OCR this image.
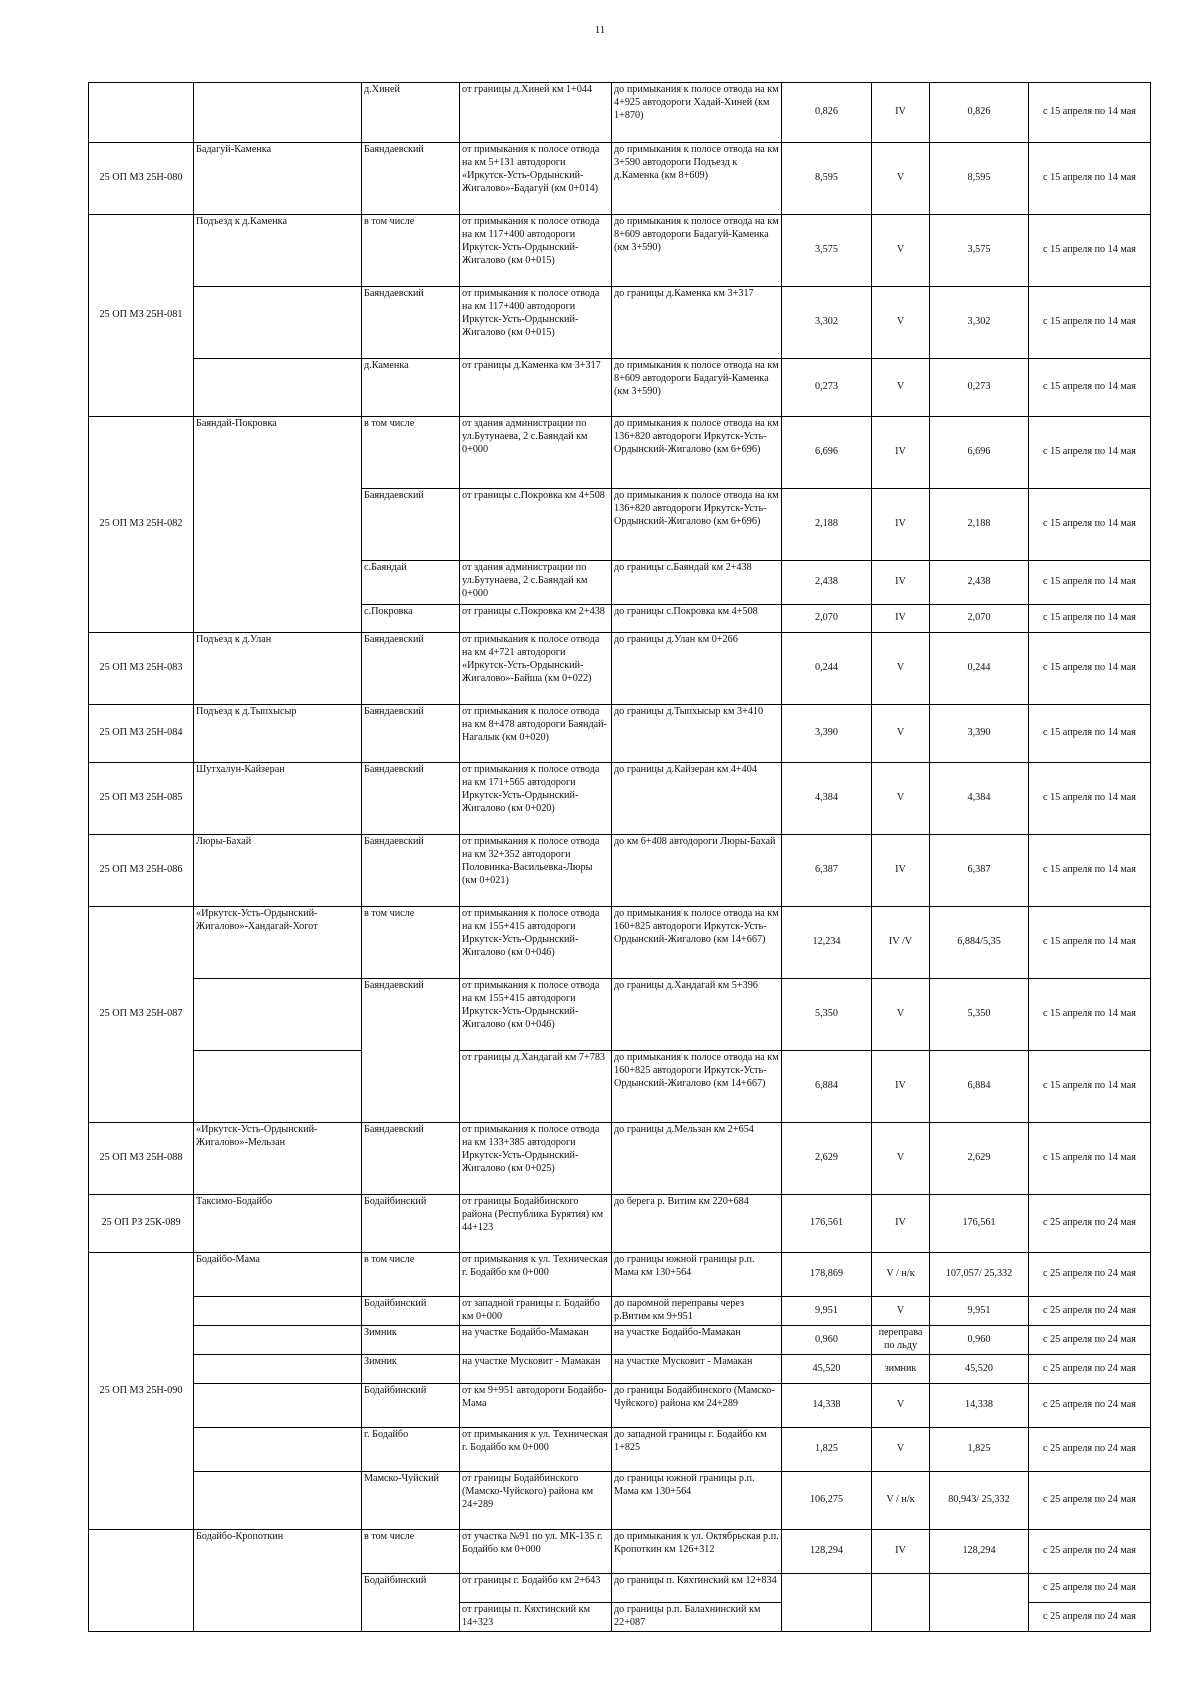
11
		д.Хиней	от границы д.Хиней км 1+044	до примыкания к полосе отвода на км 4+925 автодороги Хадай-Хиней (км 1+870)	0,826	IV	0,826	с 15 апреля по 14 мая
25 ОП МЗ 25Н-080	Бадагуй-Каменка	Баяндаевский	от примыкания к полосе отвода на км 5+131 автодороги «Иркутск-Усть-Ордынский-Жигалово»-Бадагуй (км 0+014)	до примыкания к полосе отвода на км 3+590 автодороги Подъезд к д.Каменка (км 8+609)	8,595	V	8,595	с 15 апреля по 14 мая
25 ОП МЗ 25Н-081	Подъезд к д.Каменка	в том числе	от примыкания к полосе отвода на км 117+400 автодороги Иркутск-Усть-Ордынский-Жигалово (км 0+015)	до примыкания к полосе отвода на км 8+609 автодороги Бадагуй-Каменка (км 3+590)	3,575	V	3,575	с 15 апреля по 14 мая
		Баяндаевский	от примыкания к полосе отвода на км 117+400 автодороги Иркутск-Усть-Ордынский-Жигалово (км 0+015)	до границы д.Каменка км 3+317	3,302	V	3,302	с 15 апреля по 14 мая
		д.Каменка	от границы д.Каменка км 3+317	до примыкания к полосе отвода на км 8+609 автодороги Бадагуй-Каменка (км 3+590)	0,273	V	0,273	с 15 апреля по 14 мая
25 ОП МЗ 25Н-082	Баяндай-Покровка	в том числе	от здания администрации по ул.Бутунаева, 2 с.Баяндай км 0+000	до примыкания к полосе отвода на км 136+820 автодороги Иркутск-Усть-Ордынский-Жигалово (км 6+696)	6,696	IV	6,696	с 15 апреля по 14 мая
		Баяндаевский	от границы с.Покровка км 4+508	до примыкания к полосе отвода на км 136+820 автодороги Иркутск-Усть-Ордынский-Жигалово (км 6+696)	2,188	IV	2,188	с 15 апреля по 14 мая
		с.Баяндай	от здания администрации по ул.Бутунаева, 2 с.Баяндай км 0+000	до границы с.Баяндай км 2+438	2,438	IV	2,438	с 15 апреля по 14 мая
		с.Покровка	от границы с.Покровка км 2+438	до границы с.Покровка км 4+508	2,070	IV	2,070	с 15 апреля по 14 мая
25 ОП МЗ 25Н-083	Подъезд к д.Улан	Баяндаевский	от примыкания к полосе отвода на км 4+721 автодороги «Иркутск-Усть-Ордынский-Жигалово»-Байша (км 0+022)	до границы д.Улан км 0+266	0,244	V	0,244	с 15 апреля по 14 мая
25 ОП МЗ 25Н-084	Подъезд к д.Тыпхысыр	Баяндаевский	от примыкания к полосе отвода на км 8+478 автодороги Баяндай-Нагалык (км 0+020)	до границы д.Тыпхысыр км 3+410	3,390	V	3,390	с 15 апреля по 14 мая
25 ОП МЗ 25Н-085	Шутхалун-Кайзеран	Баяндаевский	от примыкания к полосе отвода на км 171+565 автодороги Иркутск-Усть-Ордынский-Жигалово (км 0+020)	до границы д.Кайзеран км 4+404	4,384	V	4,384	с 15 апреля по 14 мая
25 ОП МЗ 25Н-086	Люры-Бахай	Баяндаевский	от примыкания к полосе отвода на км 32+352 автодороги Половинка-Васильевка-Люры (км 0+021)	до км 6+408 автодороги Люры-Бахай	6,387	IV	6,387	с 15 апреля по 14 мая
25 ОП МЗ 25Н-087	«Иркутск-Усть-Ордынский-Жигалово»-Хандагай-Хогот	в том числе	от примыкания к полосе отвода на км 155+415 автодороги Иркутск-Усть-Ордынский-Жигалово (км 0+046)	до примыкания к полосе отвода на км 160+825 автодороги Иркутск-Усть-Ордынский-Жигалово (км 14+667)	12,234	IV /V	6,884/5,35	с 15 апреля по 14 мая
		Баяндаевский	от примыкания к полосе отвода на км 155+415 автодороги Иркутск-Усть-Ордынский-Жигалово (км 0+046)	до границы д.Хандагай км 5+396	5,350	V	5,350	с 15 апреля по 14 мая
			от границы д.Хандагай км 7+783	до примыкания к полосе отвода на км 160+825 автодороги Иркутск-Усть-Ордынский-Жигалово (км 14+667)	6,884	IV	6,884	с 15 апреля по 14 мая
25 ОП МЗ 25Н-088	«Иркутск-Усть-Ордынский-Жигалово»-Мельзан	Баяндаевский	от примыкания к полосе отвода на км 133+385 автодороги Иркутск-Усть-Ордынский-Жигалово (км 0+025)	до границы д.Мельзан км 2+654	2,629	V	2,629	с 15 апреля по 14 мая
25 ОП РЗ 25К-089	Таксимо-Бодайбо	Бодайбинский	от границы Бодайбинского района (Республика Бурятия) км 44+123	до берега р. Витим км 220+684	176,561	IV	176,561	с 25 апреля по 24 мая
25 ОП МЗ 25Н-090	Бодайбо-Мама	в том числе	от примыкания к ул. Техническая г. Бодайбо км 0+000	до границы южной границы р.п. Мама км 130+564	178,869	V / н/к	107,057/ 25,332	с 25 апреля по 24 мая
		Бодайбинский	от западной границы г. Бодайбо км 0+000	до паромной переправы через р.Витим км 9+951	9,951	V	9,951	с 25 апреля по 24 мая
		Зимник	на участке Бодайбо-Мамакан	на участке Бодайбо-Мамакан	0,960	переправа по льду	0,960	с 25 апреля по 24 мая
		Зимник	на участке Мусковит - Мамакан	на участке Мусковит - Мамакан	45,520	зимник	45,520	с 25 апреля по 24 мая
		Бодайбинский	от км 9+951 автодороги Бодайбо-Мама	до границы Бодайбинского (Мамско-Чуйского) района км 24+289	14,338	V	14,338	с 25 апреля по 24 мая
		г. Бодайбо	от примыкания к ул. Техническая г. Бодайбо км 0+000	до западной границы г. Бодайбо км 1+825	1,825	V	1,825	с 25 апреля по 24 мая
		Мамско-Чуйский	от границы Бодайбинского (Мамско-Чуйского) района км 24+289	до границы южной границы р.п. Мама км 130+564	106,275	V / н/к	80,943/ 25,332	с 25 апреля по 24 мая
	Бодайбо-Кропоткин	в том числе	от участка №91 по ул. МК-135 г. Бодайбо км 0+000	до примыкания к ул. Октябрьская р.п. Кропоткин км 126+312	128,294	IV	128,294	с 25 апреля по 24 мая
		Бодайбинский	от границы г. Бодайбо км 2+643	до границы п. Кяхтинский км 12+834				с 25 апреля по 24 мая
			от границы п. Кяхтинский км 14+323	до границы р.п. Балахнинский км 22+087				с 25 апреля по 24 мая
